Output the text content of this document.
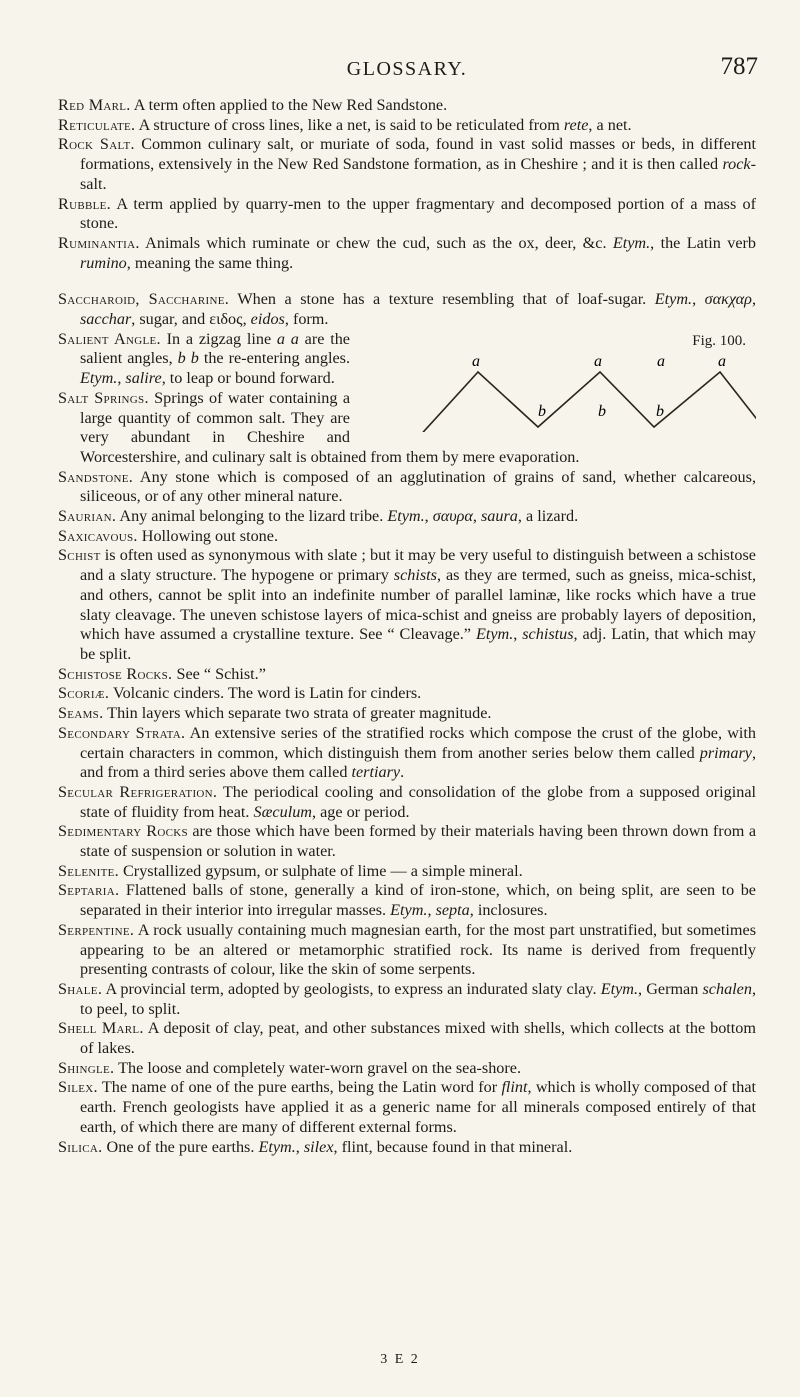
GLOSSARY.	787

Red Marl. A term often applied to the New Red Sandstone.

Reticulate. A structure of cross lines, like a net, is said to be reticulated from rete, a net.

Rock Salt. Common culinary salt, or muriate of soda, found in vast solid masses or beds, in different formations, extensively in the New Red Sandstone formation, as in Cheshire ; and it is then called rock-salt.

Rubble. A term applied by quarry-men to the upper fragmentary and decomposed portion of a mass of stone.

Ruminantia. Animals which ruminate or chew the cud, such as the ox, deer, &c. Etym., the Latin verb rumino, meaning the same thing.

Saccharoid, Saccharine. When a stone has a texture resembling that of loaf-sugar. Etym., σακχαρ, sacchar, sugar, and ειδος, eidos, form.

Fig. 100.
a	a	a	a
b	b	b

Salient Angle. In a zigzag line a a are the salient angles, b b the re-entering angles. Etym., salire, to leap or bound forward.

Salt Springs. Springs of water containing a large quantity of common salt. They are very abundant in Cheshire and Worcestershire, and culinary salt is obtained from them by mere evaporation.

Sandstone. Any stone which is composed of an agglutination of grains of sand, whether calcareous, siliceous, or of any other mineral nature.

Saurian. Any animal belonging to the lizard tribe. Etym., σαυρα, saura, a lizard.

Saxicavous. Hollowing out stone.

Schist is often used as synonymous with slate ; but it may be very useful to distinguish between a schistose and a slaty structure. The hypogene or primary schists, as they are termed, such as gneiss, mica-schist, and others, cannot be split into an indefinite number of parallel laminæ, like rocks which have a true slaty cleavage. The uneven schistose layers of mica-schist and gneiss are probably layers of deposition, which have assumed a crystalline texture. See “ Cleavage.” Etym., schistus, adj. Latin, that which may be split.

Schistose Rocks. See “ Schist.”

Scoriæ. Volcanic cinders. The word is Latin for cinders.

Seams. Thin layers which separate two strata of greater magnitude.

Secondary Strata. An extensive series of the stratified rocks which compose the crust of the globe, with certain characters in common, which distinguish them from another series below them called primary, and from a third series above them called tertiary.

Secular Refrigeration. The periodical cooling and consolidation of the globe from a supposed original state of fluidity from heat. Sæculum, age or period.

Sedimentary Rocks are those which have been formed by their materials having been thrown down from a state of suspension or solution in water.

Selenite. Crystallized gypsum, or sulphate of lime — a simple mineral.

Septaria. Flattened balls of stone, generally a kind of iron-stone, which, on being split, are seen to be separated in their interior into irregular masses. Etym., septa, inclosures.

Serpentine. A rock usually containing much magnesian earth, for the most part unstratified, but sometimes appearing to be an altered or metamorphic stratified rock. Its name is derived from frequently presenting contrasts of colour, like the skin of some serpents.

Shale. A provincial term, adopted by geologists, to express an indurated slaty clay. Etym., German schalen, to peel, to split.

Shell Marl. A deposit of clay, peat, and other substances mixed with shells, which collects at the bottom of lakes.

Shingle. The loose and completely water-worn gravel on the sea-shore.

Silex. The name of one of the pure earths, being the Latin word for flint, which is wholly composed of that earth. French geologists have applied it as a generic name for all minerals composed entirely of that earth, of which there are many of different external forms.

Silica. One of the pure earths. Etym., silex, flint, because found in that mineral.

3 E 2
